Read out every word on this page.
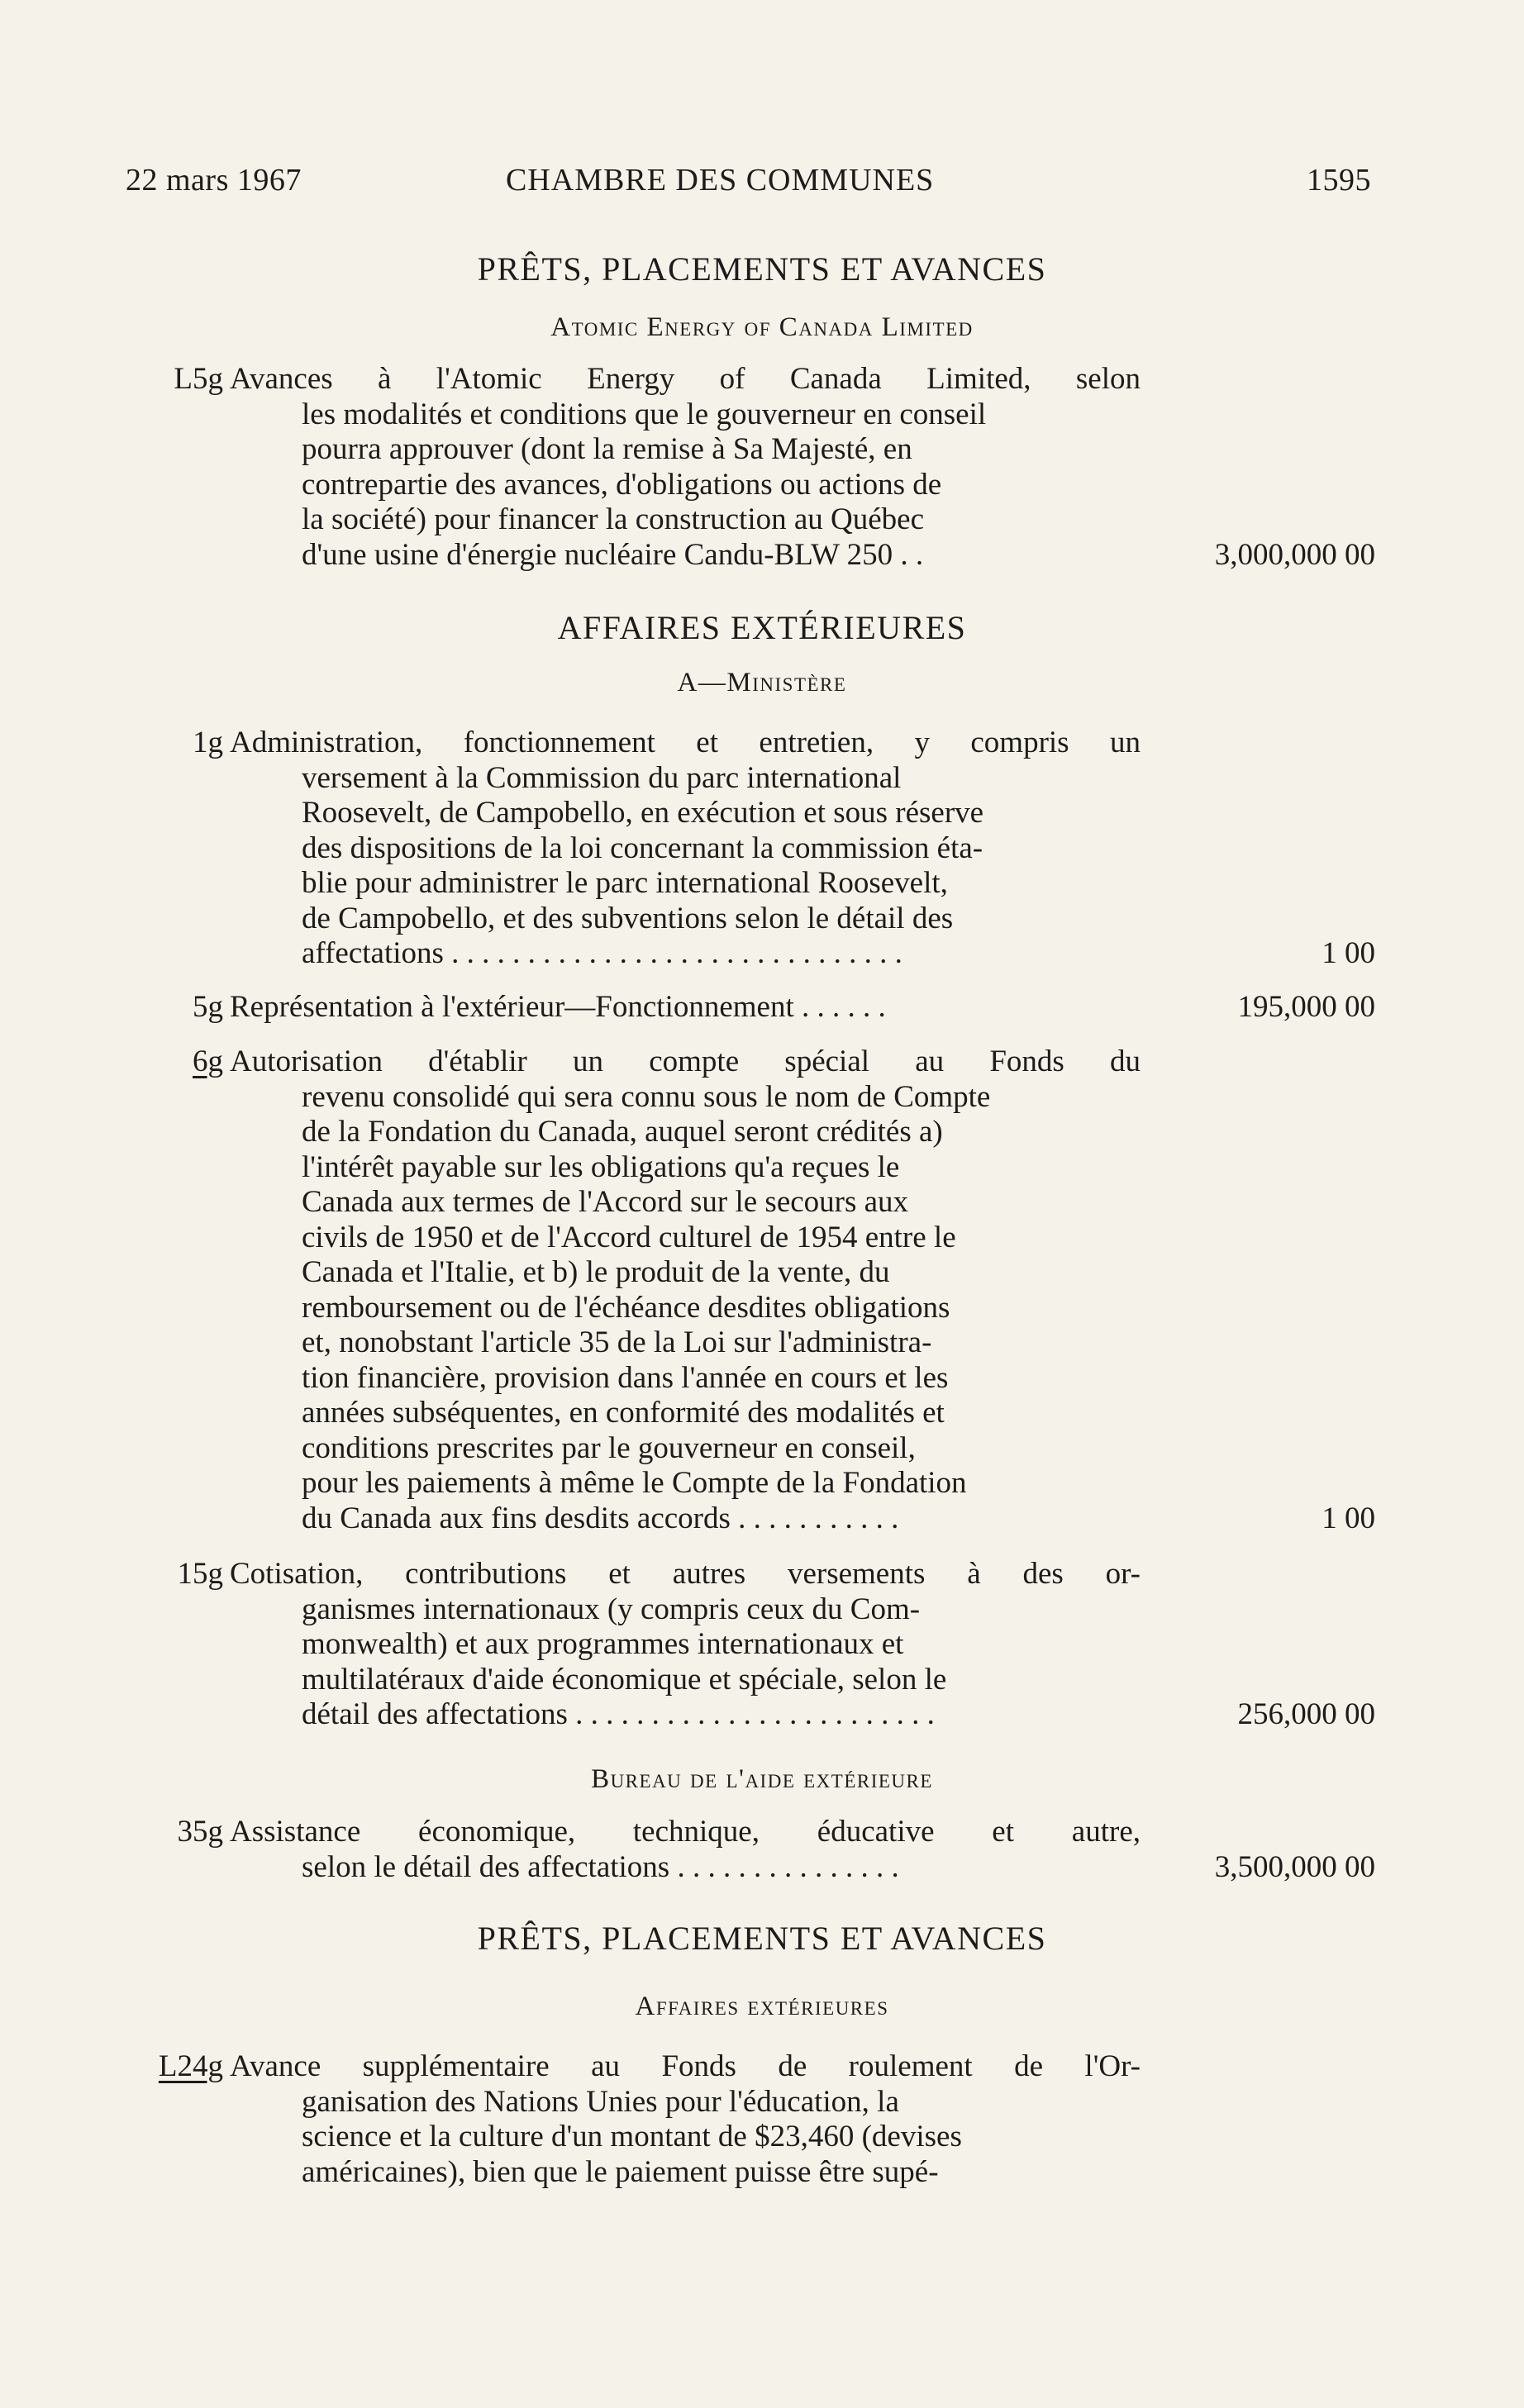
22 mars 1967	CHAMBRE DES COMMUNES	1595
PRÊTS, PLACEMENTS ET AVANCES
Atomic Energy of Canada Limited
L5g Avances à l'Atomic Energy of Canada Limited, selon
les modalités et conditions que le gouverneur en conseil
pourra approuver (dont la remise à Sa Majesté, en
contrepartie des avances, d'obligations ou actions de
la société) pour financer la construction au Québec
d'une usine d'énergie nucléaire Candu-BLW 250 . .	3,000,000 00
AFFAIRES EXTÉRIEURES
A—Ministère
1g Administration, fonctionnement et entretien, y compris un
versement à la Commission du parc international
Roosevelt, de Campobello, en exécution et sous réserve
des dispositions de la loi concernant la commission éta-
blie pour administrer le parc international Roosevelt,
de Campobello, et des subventions selon le détail des
affectations . . . . . . . . . . . . . . . . . . . . . . . . . . . . . .	1 00
5g Représentation à l'extérieur—Fonctionnement . . . . . .	195,000 00
6g Autorisation d'établir un compte spécial au Fonds du
revenu consolidé qui sera connu sous le nom de Compte
de la Fondation du Canada, auquel seront crédités a)
l'intérêt payable sur les obligations qu'a reçues le
Canada aux termes de l'Accord sur le secours aux
civils de 1950 et de l'Accord culturel de 1954 entre le
Canada et l'Italie, et b) le produit de la vente, du
remboursement ou de l'échéance desdites obligations
et, nonobstant l'article 35 de la Loi sur l'administra-
tion financière, provision dans l'année en cours et les
années subséquentes, en conformité des modalités et
conditions prescrites par le gouverneur en conseil,
pour les paiements à même le Compte de la Fondation
du Canada aux fins desdits accords . . . . . . . . . . .	1 00
15g Cotisation, contributions et autres versements à des or-
ganismes internationaux (y compris ceux du Com-
monwealth) et aux programmes internationaux et
multilatéraux d'aide économique et spéciale, selon le
détail des affectations . . . . . . . . . . . . . . . . . . . . . . . .	256,000 00
Bureau de l'aide extérieure
35g Assistance économique, technique, éducative et autre,
selon le détail des affectations . . . . . . . . . . . . . . .	3,500,000 00
PRÊTS, PLACEMENTS ET AVANCES
Affaires extérieures
L24g Avance supplémentaire au Fonds de roulement de l'Or-
ganisation des Nations Unies pour l'éducation, la
science et la culture d'un montant de $23,460 (devises
américaines), bien que le paiement puisse être supé-
